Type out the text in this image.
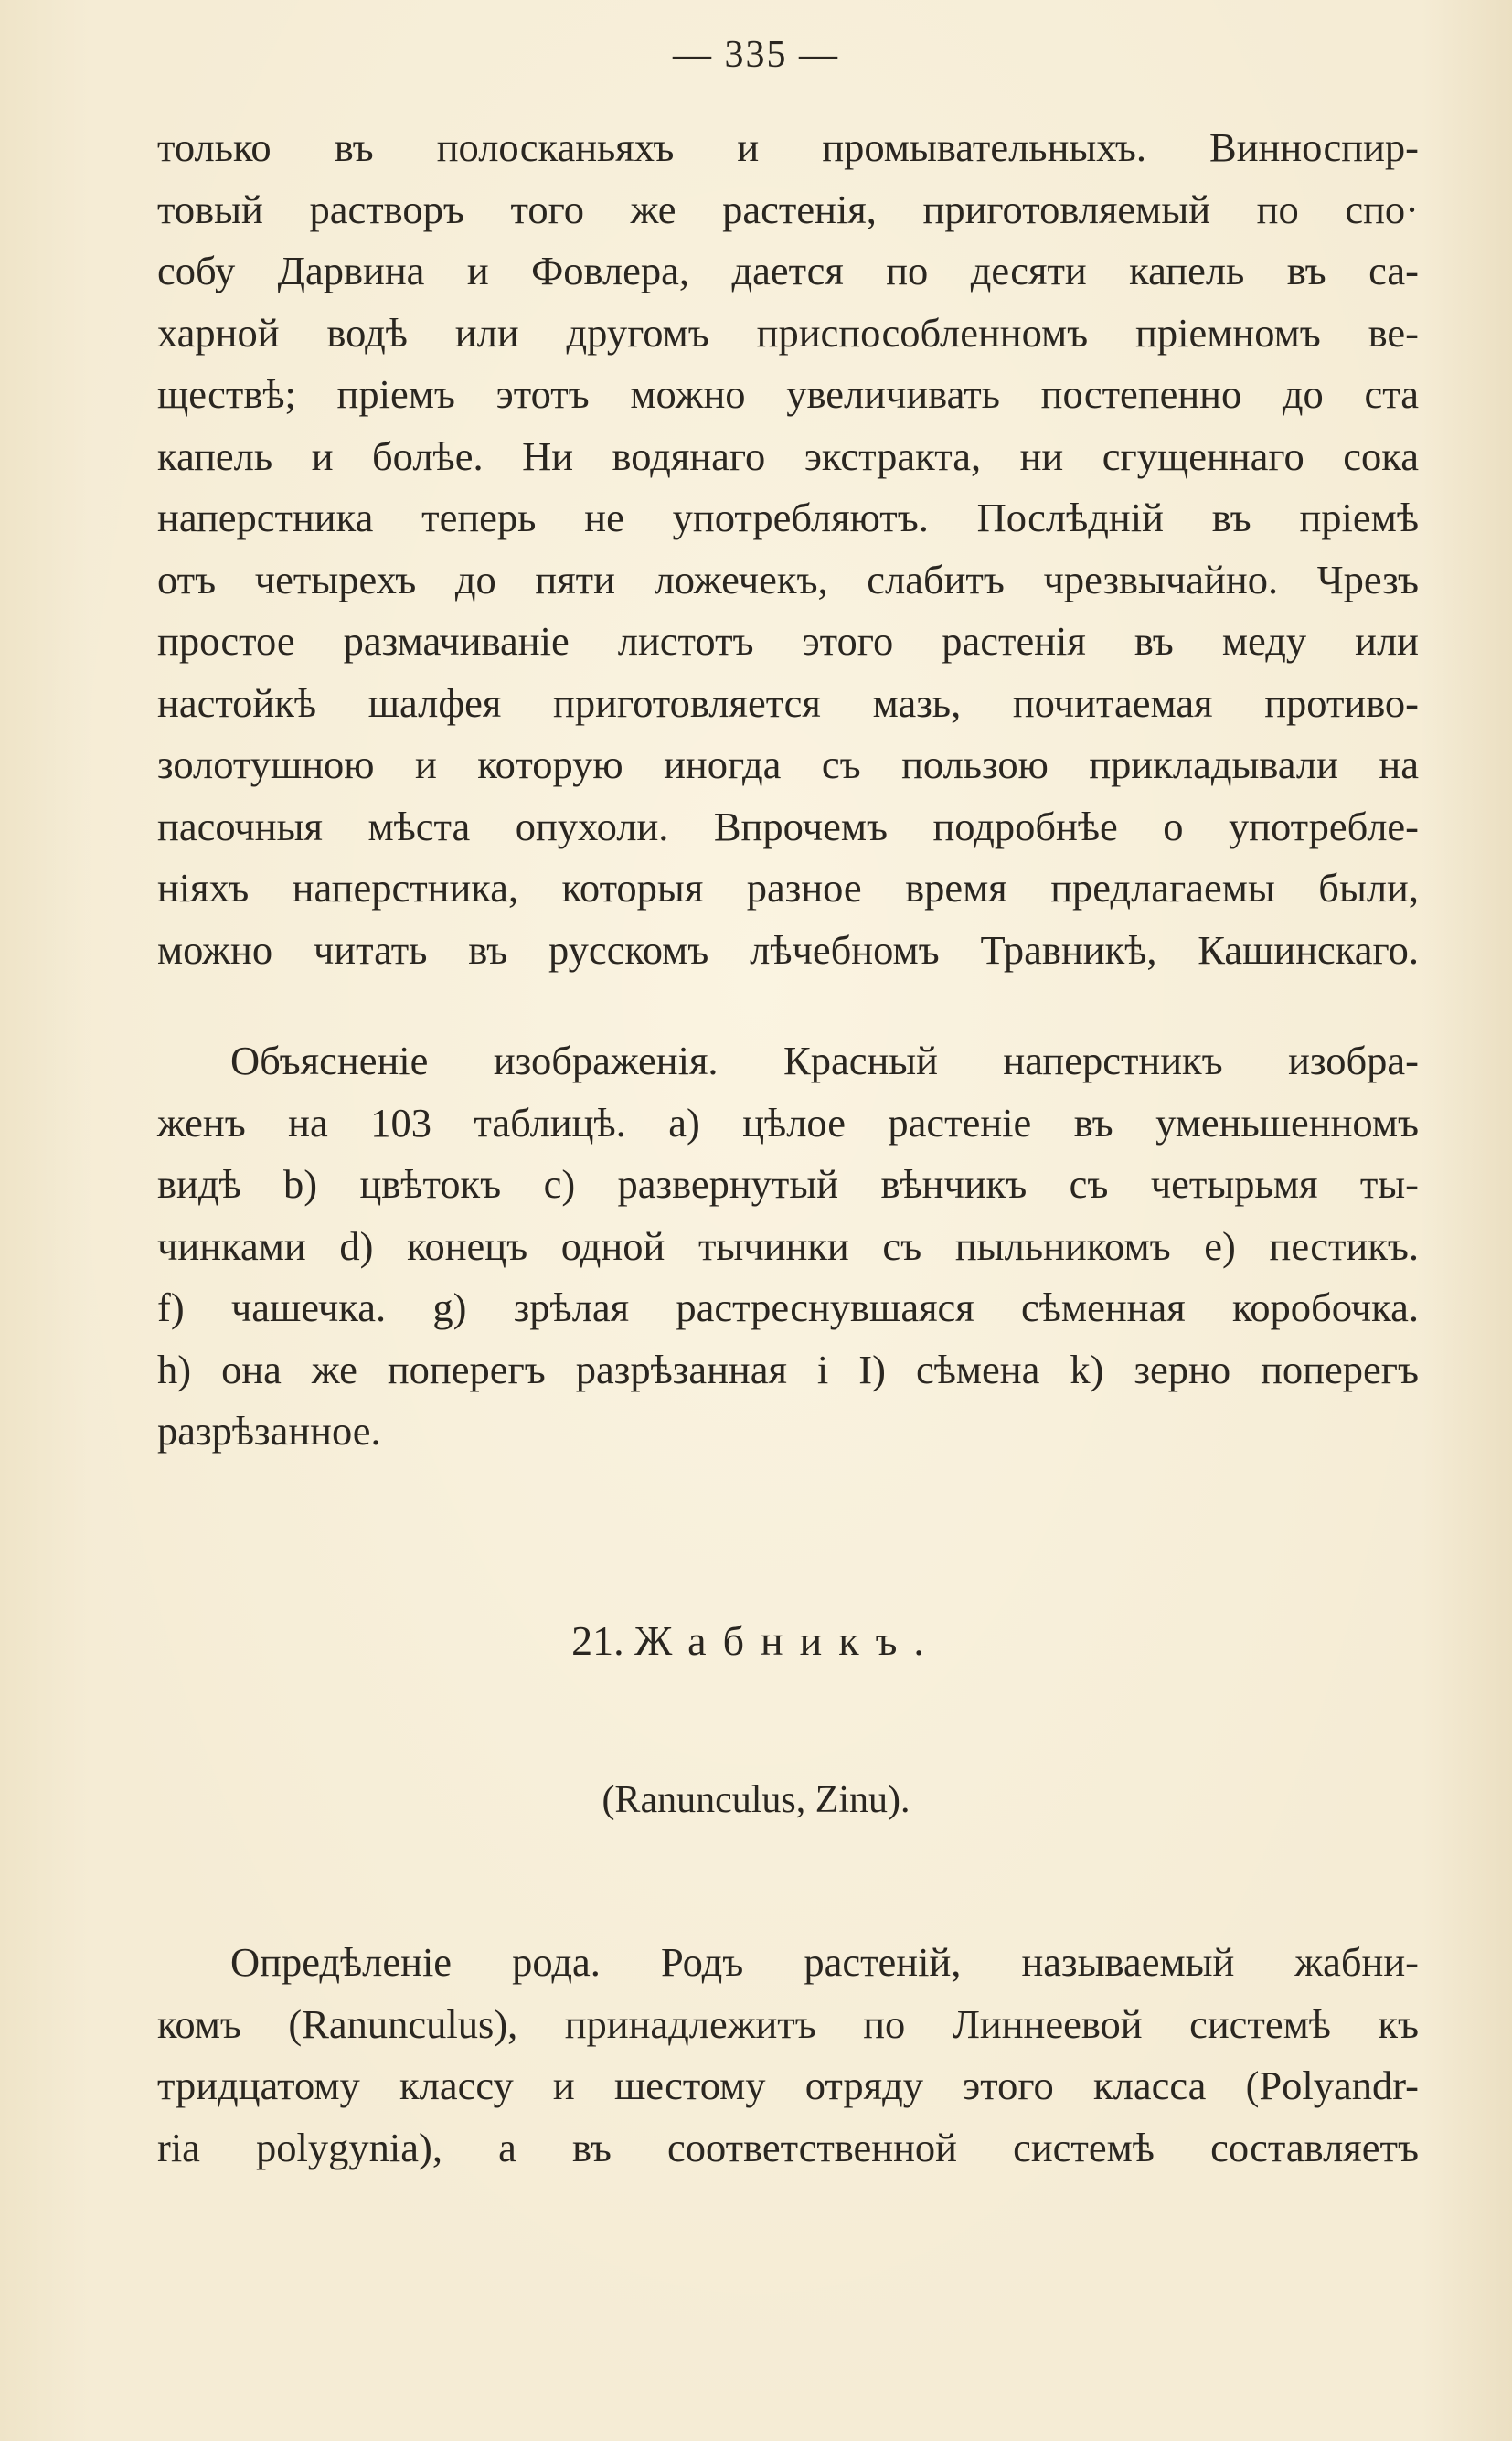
— 335 —
только въ полосканьяхъ и промывательныхъ. Винноспир-
товый растворъ того же растенія, приготовляемый по спо·
собу Дарвина и Фовлера, дается по десяти капель въ са-
харной водѣ или другомъ приспособленномъ пріемномъ ве-
ществѣ; пріемъ этотъ можно увеличивать постепенно до ста
капель и болѣе. Ни водянаго экстракта, ни сгущеннаго сока
наперстника теперь не употребляютъ. Послѣдній въ пріемѣ
отъ четырехъ до пяти ложечекъ, слабитъ чрезвычайно. Чрезъ
простое размачиваніе листотъ этого растенія въ меду или
настойкѣ шалфея приготовляется мазь, почитаемая противо-
золотушною и которую иногда съ пользою прикладывали на
пасочныя мѣста опухоли. Впрочемъ подробнѣе о употребле-
ніяхъ наперстника, которыя разное время предлагаемы были,
можно читать въ русскомъ лѣчебномъ Травникѣ, Кашинскаго.
Объясненіе изображенія. Красный наперстникъ изобра-
женъ на 103 таблицѣ. a) цѣлое растеніе въ уменьшенномъ
видѣ b) цвѣтокъ c) развернутый вѣнчикъ съ четырьмя ты-
чинками d) конецъ одной тычинки съ пыльникомъ e) пестикъ.
f) чашечка. g) зрѣлая растреснувшаяся сѣменная коробочка.
h) она же поперегъ разрѣзанная i I) сѣмена k) зерно поперегъ
разрѣзанное.
21. Жабникъ.
(Ranunculus, Zinu).
Опредѣленіе рода. Родъ растеній, называемый жабни-
комъ (Ranunculus), принадлежитъ по Линнеевой системѣ къ
тридцатому классу и шестому отряду этого класса (Polyandr-
ria polygynia), а въ соответственной системѣ составляетъ
